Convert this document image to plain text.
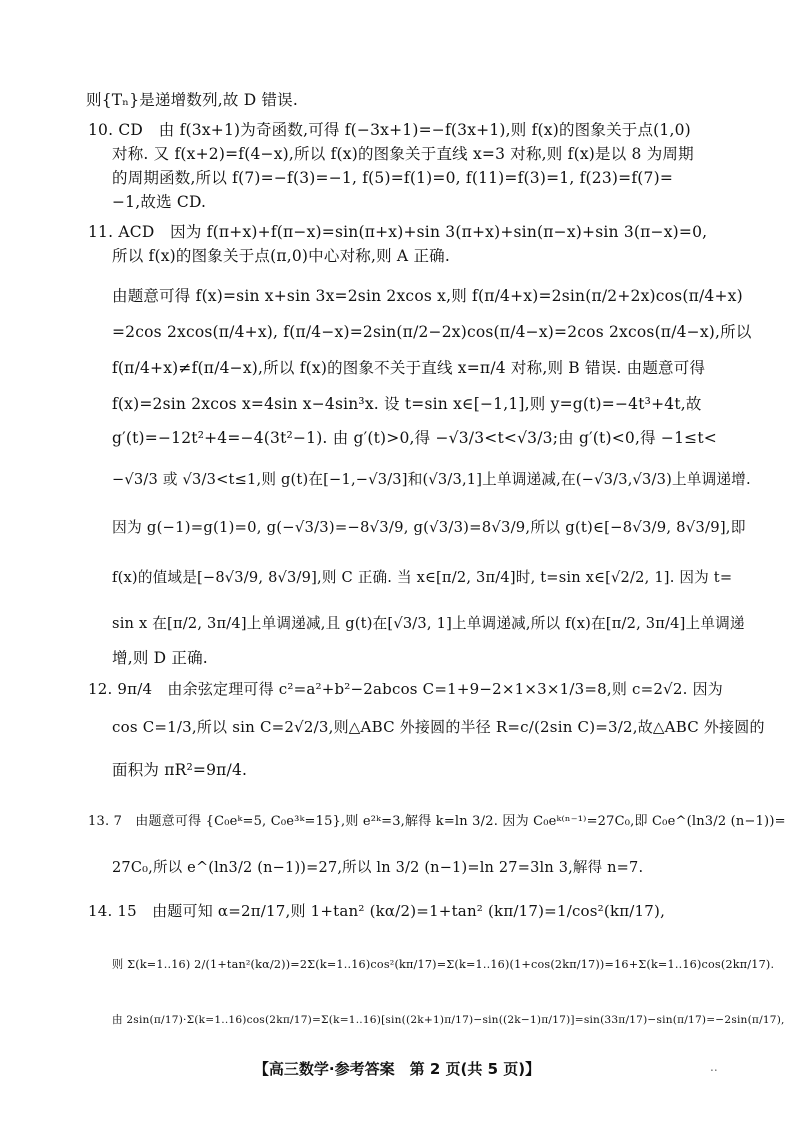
则{Tₙ}是递增数列,故 D 错误.
10. CD　由 f(3x+1)为奇函数,可得 f(−3x+1)=−f(3x+1),则 f(x)的图象关于点(1,0)
对称. 又 f(x+2)=f(4−x),所以 f(x)的图象关于直线 x=3 对称,则 f(x)是以 8 为周期
的周期函数,所以 f(7)=−f(3)=−1, f(5)=f(1)=0, f(11)=f(3)=1, f(23)=f(7)=
−1,故选 CD.
11. ACD　因为 f(π+x)+f(π−x)=sin(π+x)+sin 3(π+x)+sin(π−x)+sin 3(π−x)=0,
所以 f(x)的图象关于点(π,0)中心对称,则 A 正确.
由题意可得 f(x)=sin x+sin 3x=2sin 2xcos x,则 f(π/4+x)=2sin(π/2+2x)cos(π/4+x)
=2cos 2xcos(π/4+x), f(π/4−x)=2sin(π/2−2x)cos(π/4−x)=2cos 2xcos(π/4−x),所以
f(π/4+x)≠f(π/4−x),所以 f(x)的图象不关于直线 x=π/4 对称,则 B 错误. 由题意可得
f(x)=2sin 2xcos x=4sin x−4sin³x. 设 t=sin x∈[−1,1],则 y=g(t)=−4t³+4t,故
g′(t)=−12t²+4=−4(3t²−1). 由 g′(t)>0,得 −√3/3<t<√3/3;由 g′(t)<0,得 −1≤t<
−√3/3 或 √3/3<t≤1,则 g(t)在[−1,−√3/3]和(√3/3,1]上单调递减,在(−√3/3,√3/3)上单调递增.
因为 g(−1)=g(1)=0, g(−√3/3)=−8√3/9, g(√3/3)=8√3/9,所以 g(t)∈[−8√3/9, 8√3/9],即
f(x)的值域是[−8√3/9, 8√3/9],则 C 正确. 当 x∈[π/2, 3π/4]时, t=sin x∈[√2/2, 1]. 因为 t=
sin x 在[π/2, 3π/4]上单调递减,且 g(t)在[√3/3, 1]上单调递减,所以 f(x)在[π/2, 3π/4]上单调递
增,则 D 正确.
12. 9π/4　由余弦定理可得 c²=a²+b²−2abcos C=1+9−2×1×3×1/3=8,则 c=2√2. 因为
cos C=1/3,所以 sin C=2√2/3,则△ABC 外接圆的半径 R=c/(2sin C)=3/2,故△ABC 外接圆的
面积为 πR²=9π/4.
13. 7　由题意可得 {C₀eᵏ=5, C₀e³ᵏ=15},则 e²ᵏ=3,解得 k=ln 3/2. 因为 C₀eᵏ⁽ⁿ⁻¹⁾=27C₀,即 C₀e^(ln3/2 (n−1))=
27C₀,所以 e^(ln3/2 (n−1))=27,所以 ln 3/2 (n−1)=ln 27=3ln 3,解得 n=7.
14. 15　由题可知 α=2π/17,则 1+tan² (kα/2)=1+tan² (kπ/17)=1/cos²(kπ/17),
则 Σ(k=1..16) 2/(1+tan²(kα/2))=2Σ(k=1..16)cos²(kπ/17)=Σ(k=1..16)(1+cos(2kπ/17))=16+Σ(k=1..16)cos(2kπ/17).
由 2sin(π/17)·Σ(k=1..16)cos(2kπ/17)=Σ(k=1..16)[sin((2k+1)π/17)−sin((2k−1)π/17)]=sin(33π/17)−sin(π/17)=−2sin(π/17),
【高三数学·参考答案　第 2 页(共 5 页)】	..
